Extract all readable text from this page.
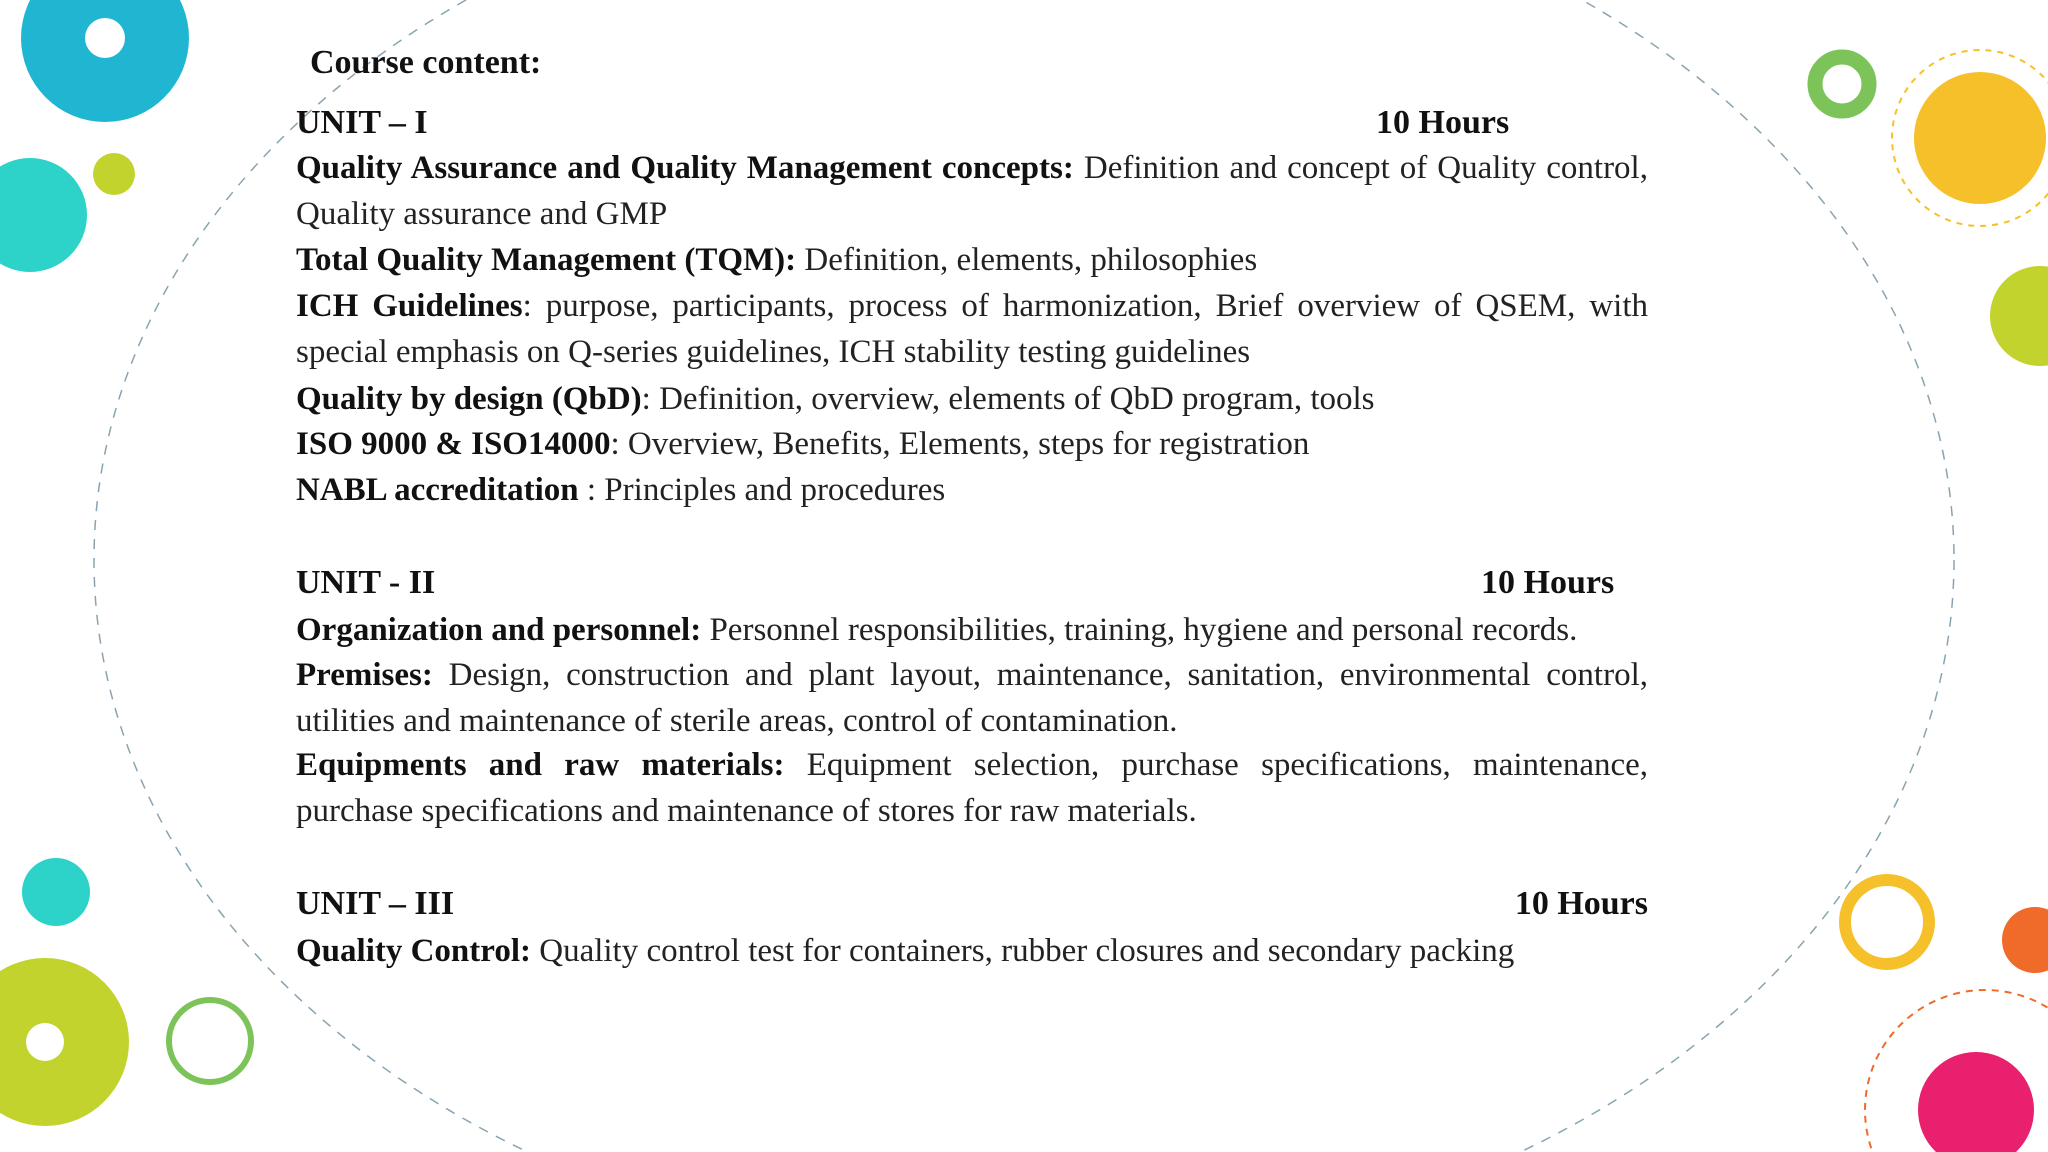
Course content:
UNIT – I	10 Hours
Quality Assurance and Quality Management concepts: Definition and concept of Quality control, Quality assurance and GMP
Total Quality Management (TQM): Definition, elements, philosophies
ICH Guidelines: purpose, participants, process of harmonization, Brief overview of QSEM, with special emphasis on Q-series guidelines, ICH stability testing guidelines
Quality by design (QbD): Definition, overview, elements of QbD program, tools
ISO 9000 & ISO14000: Overview, Benefits, Elements, steps for registration
NABL accreditation : Principles and procedures
UNIT - II	10 Hours
Organization and personnel: Personnel responsibilities, training, hygiene and personal records.
Premises: Design, construction and plant layout, maintenance, sanitation, environmental control, utilities and maintenance of sterile areas, control of contamination.
Equipments and raw materials: Equipment selection, purchase specifications, maintenance, purchase specifications and maintenance of stores for raw materials.
UNIT – III	10 Hours
Quality Control: Quality control test for containers, rubber closures and secondary packing
